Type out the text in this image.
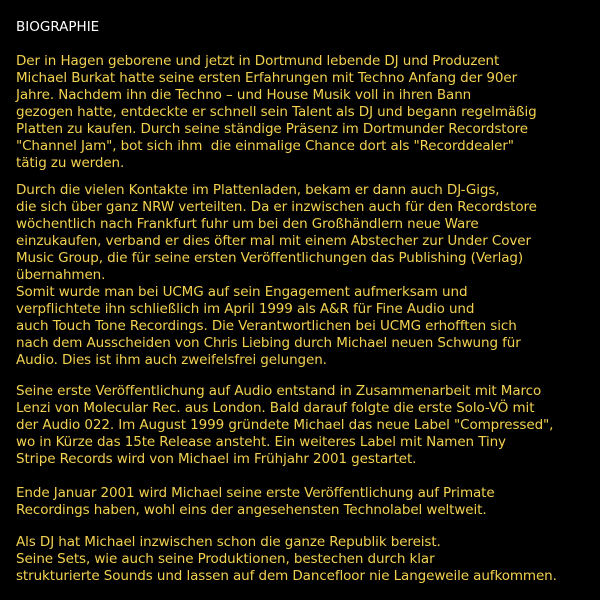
BIOGRAPHIE
Der in Hagen geborene und jetzt in Dortmund lebende DJ und Produzent
Michael Burkat hatte seine ersten Erfahrungen mit Techno Anfang der 90er
Jahre. Nachdem ihn die Techno – und House Musik voll in ihren Bann
gezogen hatte, entdeckte er schnell sein Talent als DJ und begann regelmäßig
Platten zu kaufen. Durch seine ständige Präsenz im Dortmunder Recordstore
"Channel Jam", bot sich ihm  die einmalige Chance dort als "Recorddealer"
tätig zu werden.
Durch die vielen Kontakte im Plattenladen, bekam er dann auch DJ-Gigs,
die sich über ganz NRW verteilten. Da er inzwischen auch für den Recordstore
wöchentlich nach Frankfurt fuhr um bei den Großhändlern neue Ware
einzukaufen, verband er dies öfter mal mit einem Abstecher zur Under Cover
Music Group, die für seine ersten Veröffentlichungen das Publishing (Verlag)
übernahmen.
Somit wurde man bei UCMG auf sein Engagement aufmerksam und
verpflichtete ihn schließlich im April 1999 als A&R für Fine Audio und
auch Touch Tone Recordings. Die Verantwortlichen bei UCMG erhofften sich
nach dem Ausscheiden von Chris Liebing durch Michael neuen Schwung für
Audio. Dies ist ihm auch zweifelsfrei gelungen.
Seine erste Veröffentlichung auf Audio entstand in Zusammenarbeit mit Marco
Lenzi von Molecular Rec. aus London. Bald darauf folgte die erste Solo-VÖ mit
der Audio 022. Im August 1999 gründete Michael das neue Label "Compressed",
wo in Kürze das 15te Release ansteht. Ein weiteres Label mit Namen Tiny
Stripe Records wird von Michael im Frühjahr 2001 gestartet.
Ende Januar 2001 wird Michael seine erste Veröffentlichung auf Primate
Recordings haben, wohl eins der angesehensten Technolabel weltweit.
Als DJ hat Michael inzwischen schon die ganze Republik bereist.
Seine Sets, wie auch seine Produktionen, bestechen durch klar
strukturierte Sounds und lassen auf dem Dancefloor nie Langeweile aufkommen.
